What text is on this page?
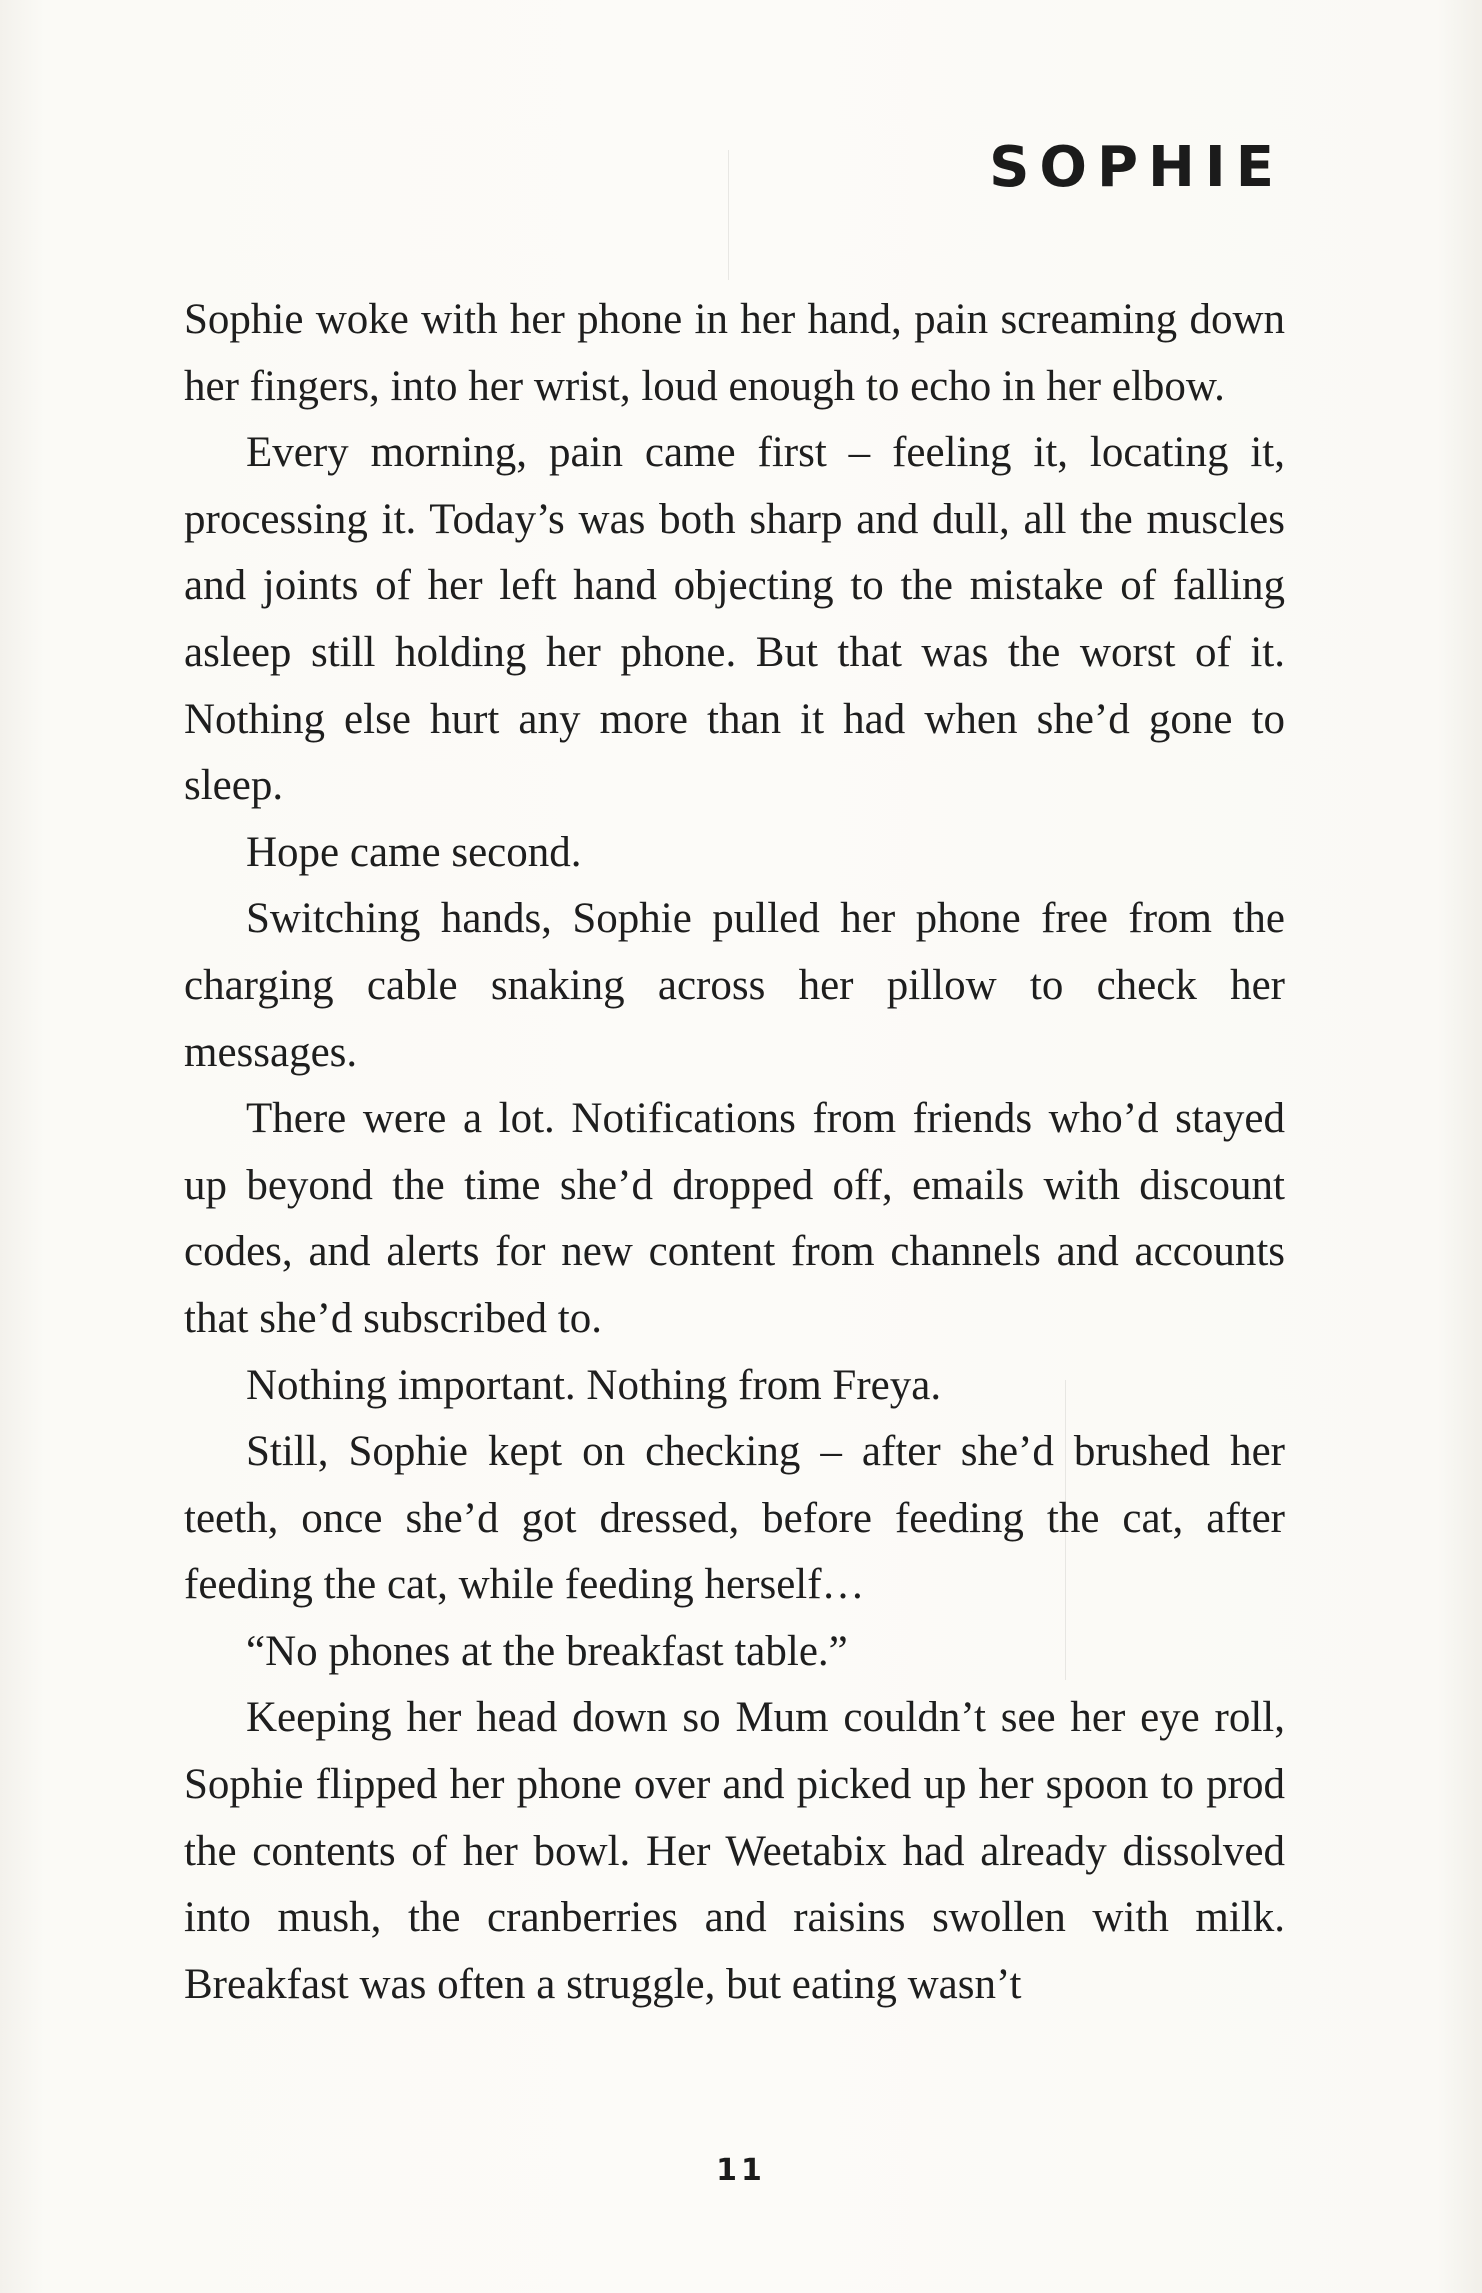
SOPHIE

Sophie woke with her phone in her hand, pain screaming down her fingers, into her wrist, loud enough to echo in her elbow.

Every morning, pain came first – feeling it, locating it, processing it. Today’s was both sharp and dull, all the muscles and joints of her left hand objecting to the mistake of falling asleep still holding her phone. But that was the worst of it. Nothing else hurt any more than it had when she’d gone to sleep.

Hope came second.

Switching hands, Sophie pulled her phone free from the charging cable snaking across her pillow to check her messages.

There were a lot. Notifications from friends who’d stayed up beyond the time she’d dropped off, emails with discount codes, and alerts for new content from channels and accounts that she’d subscribed to.

Nothing important. Nothing from Freya.

Still, Sophie kept on checking – after she’d brushed her teeth, once she’d got dressed, before feeding the cat, after feeding the cat, while feeding herself…

“No phones at the breakfast table.”

Keeping her head down so Mum couldn’t see her eye roll, Sophie flipped her phone over and picked up her spoon to prod the contents of her bowl. Her Weetabix had already dissolved into mush, the cranberries and raisins swollen with milk. Breakfast was often a struggle, but eating wasn’t

11
